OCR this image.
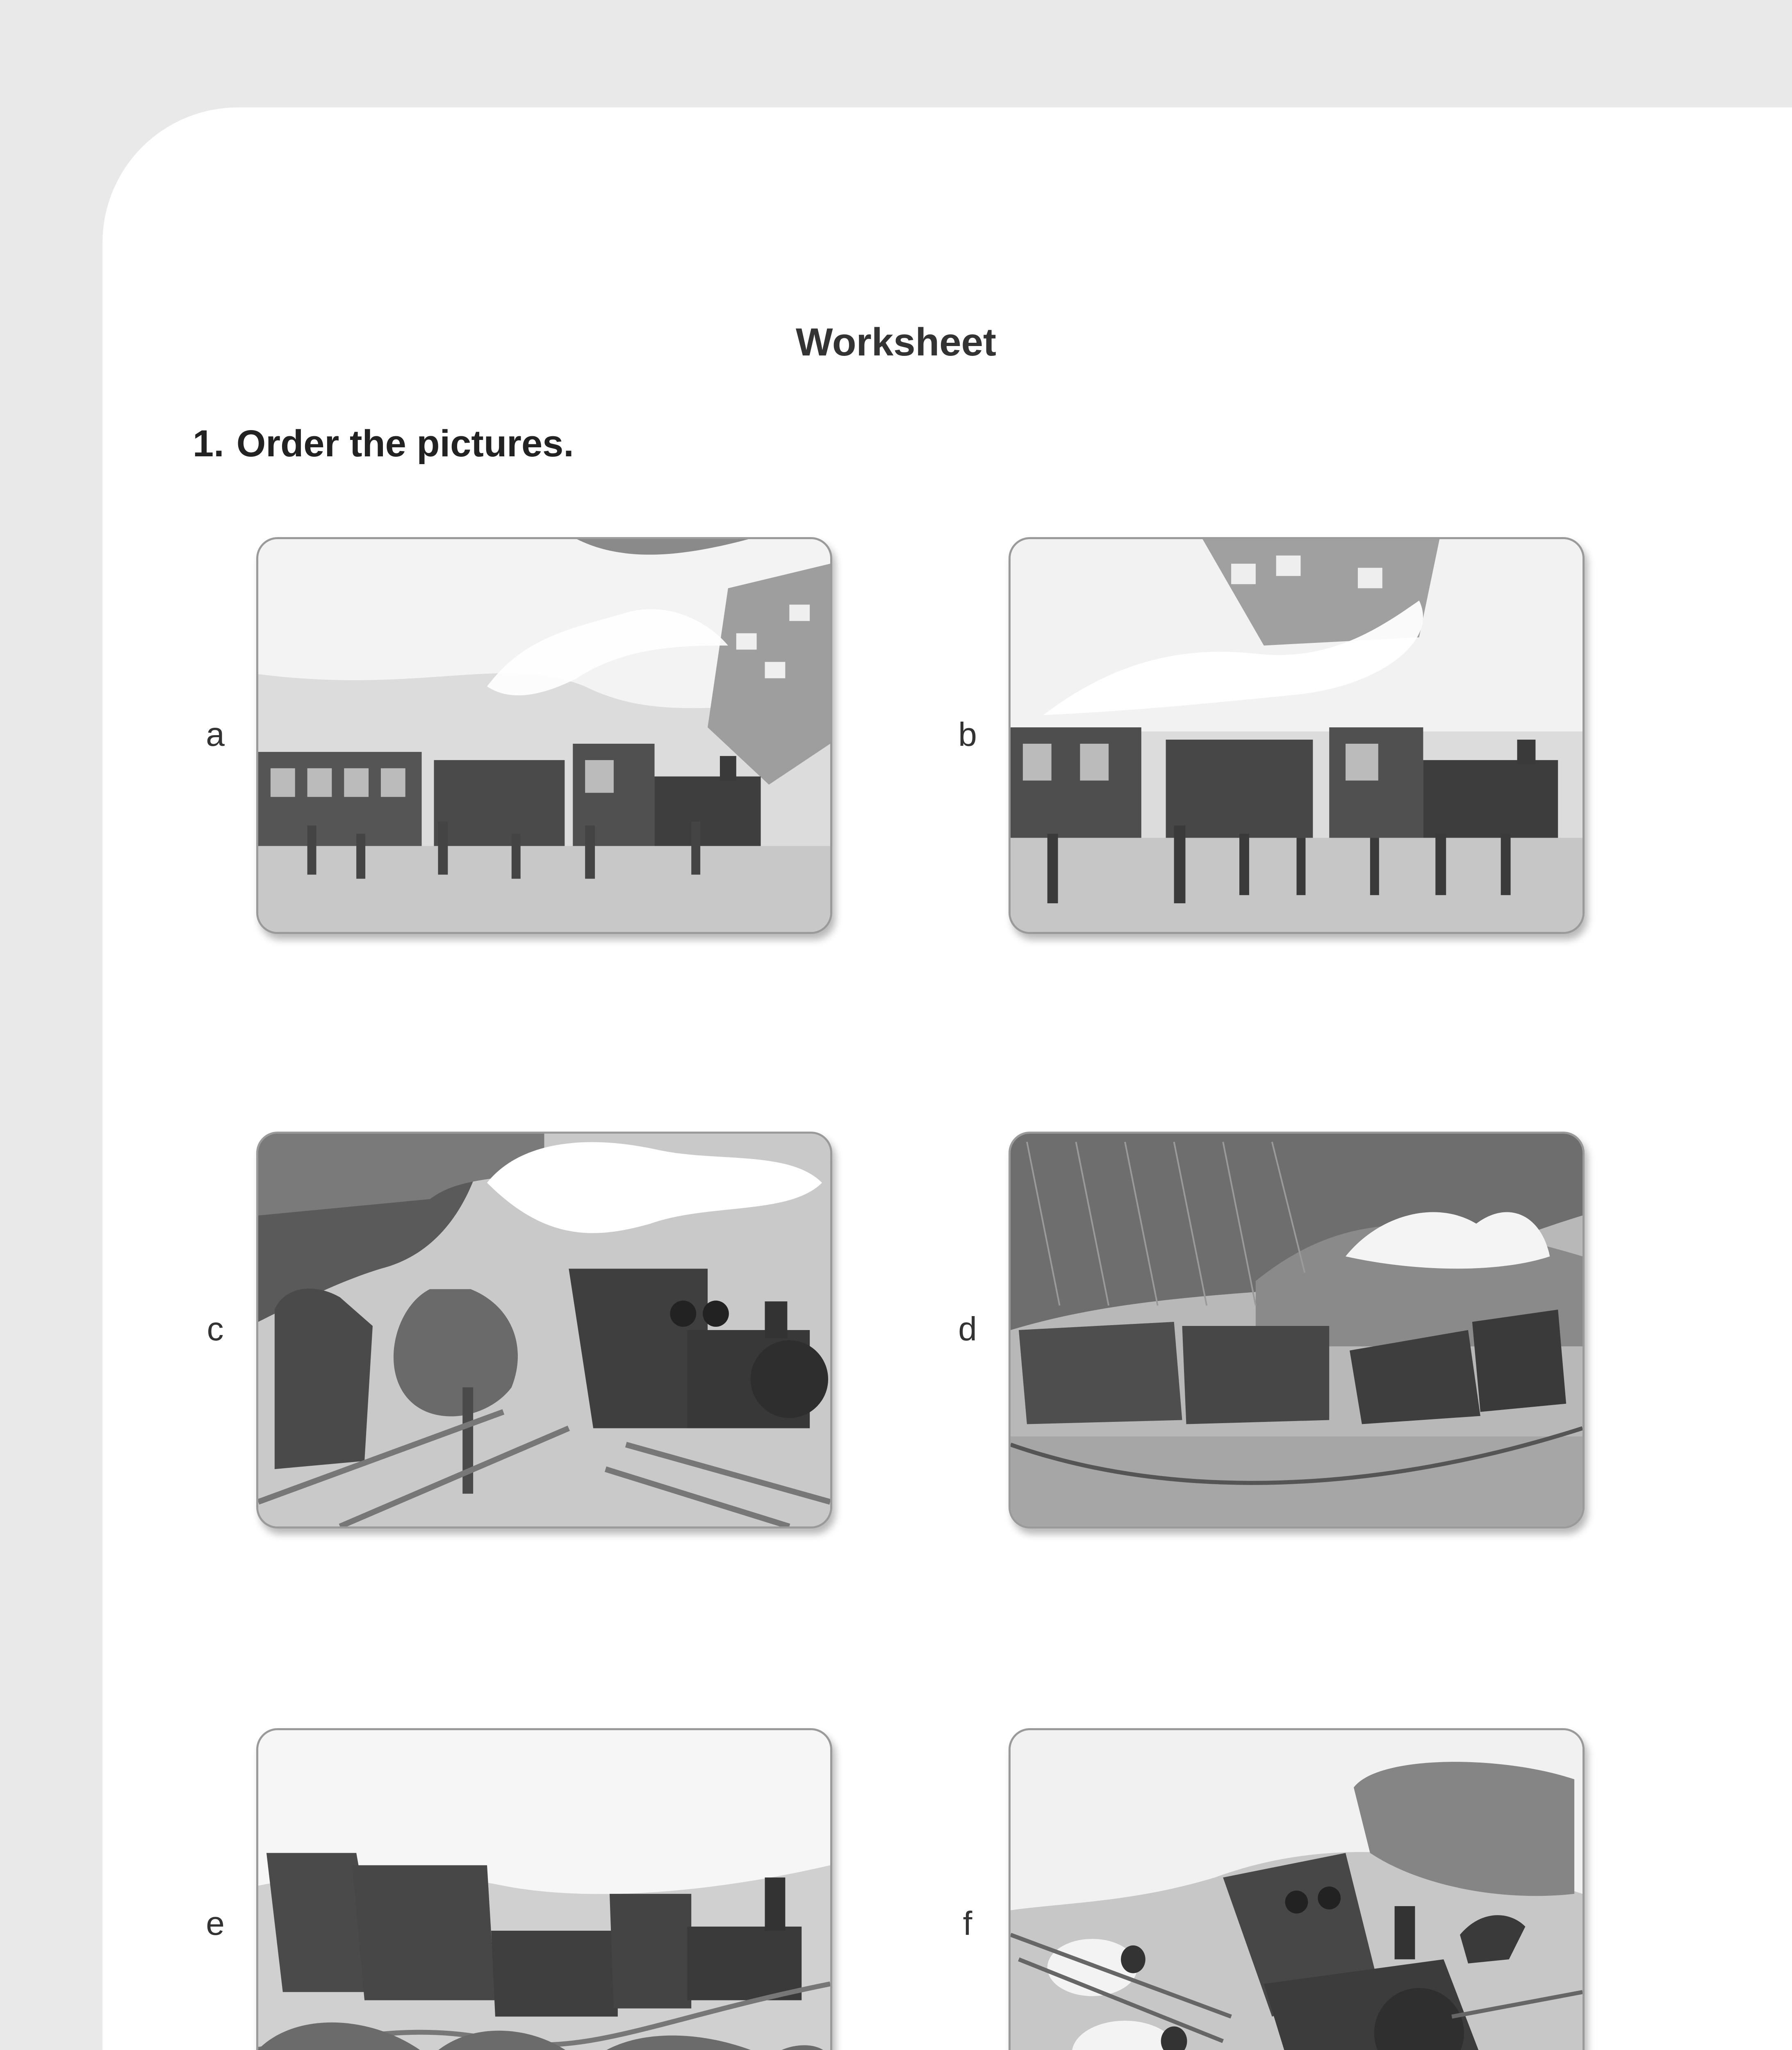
Worksheet
1. Order the pictures.
a	b
c	d
e	f
